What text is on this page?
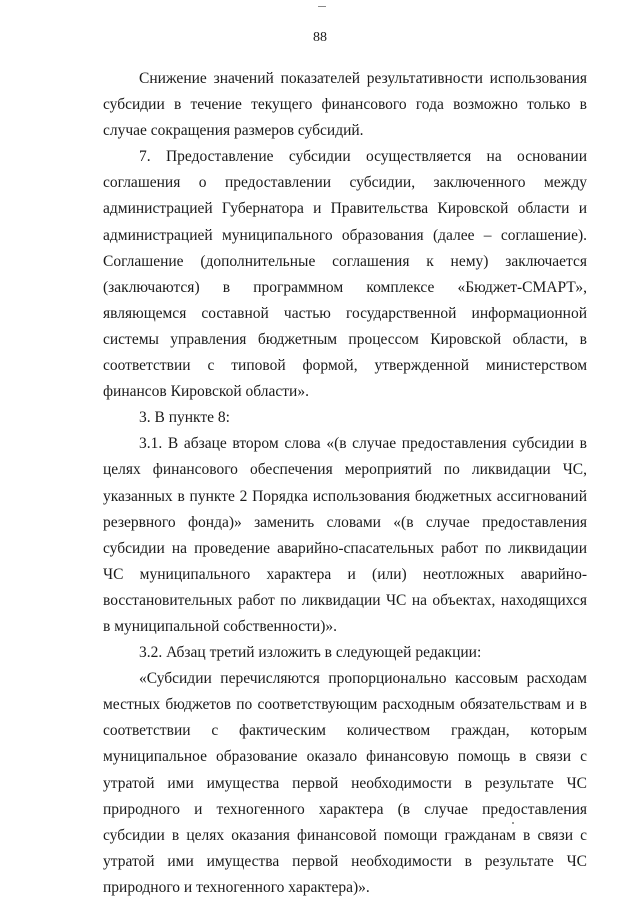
88

Снижение значений показателей результативности использования субсидии в течение текущего финансового года возможно только в случае сокращения размеров субсидий.

7. Предоставление субсидии осуществляется на основании соглашения о предоставлении субсидии, заключенного между администрацией Губернатора и Правительства Кировской области и администрацией муниципального образования (далее – соглашение). Соглашение (дополнительные соглашения к нему) заключается (заключаются) в программном комплексе «Бюджет-СМАРТ», являющемся составной частью государственной информационной системы управления бюджетным процессом Кировской области, в соответствии с типовой формой, утвержденной министерством финансов Кировской области».

3. В пункте 8:

3.1. В абзаце втором слова «(в случае предоставления субсидии в целях финансового обеспечения мероприятий по ликвидации ЧС, указанных в пункте 2 Порядка использования бюджетных ассигнований резервного фонда)» заменить словами «(в случае предоставления субсидии на проведение аварийно-спасательных работ по ликвидации ЧС муниципального характера и (или) неотложных аварийно-восстановительных работ по ликвидации ЧС на объектах, находящихся в муниципальной собственности)».

3.2. Абзац третий изложить в следующей редакции:

«Субсидии перечисляются пропорционально кассовым расходам местных бюджетов по соответствующим расходным обязательствам и в соответствии с фактическим количеством граждан, которым муниципальное образование оказало финансовую помощь в связи с утратой ими имущества первой необходимости в результате ЧС природного и техногенного характера (в случае предоставления субсидии в целях оказания финансовой помощи гражданам в связи с утратой ими имущества первой необходимости в результате ЧС природного и техногенного характера)».
